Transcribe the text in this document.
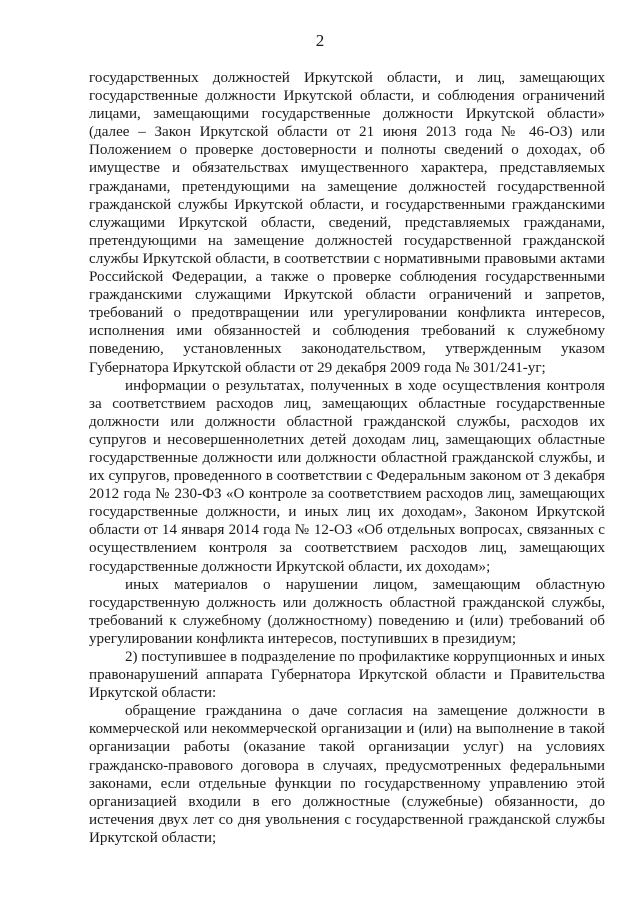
2

государственных должностей Иркутской области, и лиц, замещающих государственные должности Иркутской области, и соблюдения ограничений лицами, замещающими государственные должности Иркутской области» (далее – Закон Иркутской области от 21 июня 2013 года № 46-ОЗ) или Положением о проверке достоверности и полноты сведений о доходах, об имуществе и обязательствах имущественного характера, представляемых гражданами, претендующими на замещение должностей государственной гражданской службы Иркутской области, и государственными гражданскими служащими Иркутской области, сведений, представляемых гражданами, претендующими на замещение должностей государственной гражданской службы Иркутской области, в соответствии с нормативными правовыми актами Российской Федерации, а также о проверке соблюдения государственными гражданскими служащими Иркутской области ограничений и запретов, требований о предотвращении или урегулировании конфликта интересов, исполнения ими обязанностей и соблюдения требований к служебному поведению, установленных законодательством, утвержденным указом Губернатора Иркутской области от 29 декабря 2009 года № 301/241-уг;

информации о результатах, полученных в ходе осуществления контроля за соответствием расходов лиц, замещающих областные государственные должности или должности областной гражданской службы, расходов их супругов и несовершеннолетних детей доходам лиц, замещающих областные государственные должности или должности областной гражданской службы, и их супругов, проведенного в соответствии с Федеральным законом от 3 декабря 2012 года № 230-ФЗ «О контроле за соответствием расходов лиц, замещающих государственные должности, и иных лиц их доходам», Законом Иркутской области от 14 января 2014 года № 12-ОЗ «Об отдельных вопросах, связанных с осуществлением контроля за соответствием расходов лиц, замещающих государственные должности Иркутской области, их доходам»;

иных материалов о нарушении лицом, замещающим областную государственную должность или должность областной гражданской службы, требований к служебному (должностному) поведению и (или) требований об урегулировании конфликта интересов, поступивших в президиум;

2) поступившее в подразделение по профилактике коррупционных и иных правонарушений аппарата Губернатора Иркутской области и Правительства Иркутской области:

обращение гражданина о даче согласия на замещение должности в коммерческой или некоммерческой организации и (или) на выполнение в такой организации работы (оказание такой организации услуг) на условиях гражданско-правового договора в случаях, предусмотренных федеральными законами, если отдельные функции по государственному управлению этой организацией входили в его должностные (служебные) обязанности, до истечения двух лет со дня увольнения с государственной гражданской службы Иркутской области;
